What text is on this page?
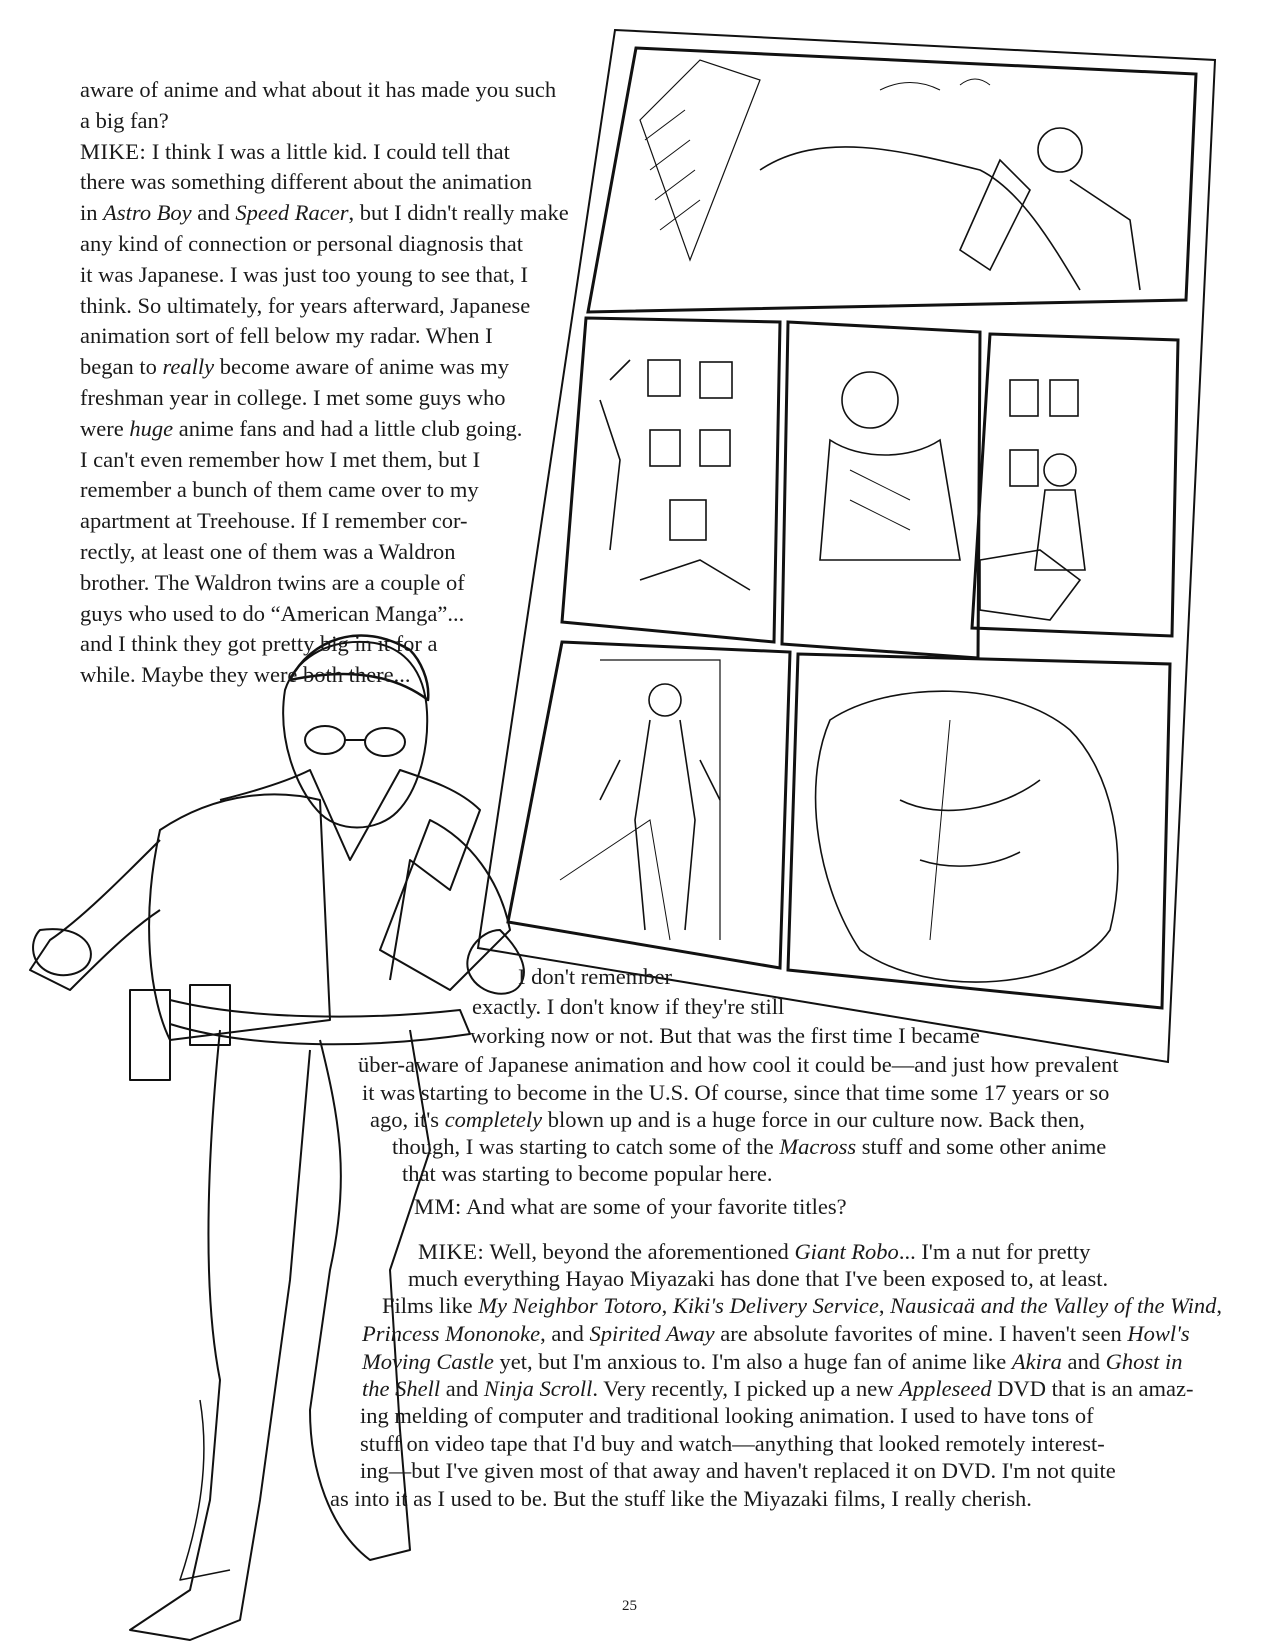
aware of anime and what about it has made you such
a big fan?
MIKE: I think I was a little kid. I could tell that
there was something different about the animation
in Astro Boy and Speed Racer, but I didn't really make
any kind of connection or personal diagnosis that
it was Japanese. I was just too young to see that, I
think. So ultimately, for years afterward, Japanese
animation sort of fell below my radar. When I
began to really become aware of anime was my
freshman year in college. I met some guys who
were huge anime fans and had a little club going.
I can't even remember how I met them, but I
remember a bunch of them came over to my
apartment at Treehouse. If I remember cor-
rectly, at least one of them was a Waldron
brother. The Waldron twins are a couple of
guys who used to do “American Manga”...
and I think they got pretty big in it for a
while. Maybe they were both there...
I don't remember
exactly. I don't know if they're still
working now or not. But that was the first time I became
über-aware of Japanese animation and how cool it could be—and just how prevalent
it was starting to become in the U.S. Of course, since that time some 17 years or so
ago, it's completely blown up and is a huge force in our culture now. Back then,
though, I was starting to catch some of the Macross stuff and some other anime
that was starting to become popular here.
MM: And what are some of your favorite titles?
MIKE: Well, beyond the aforementioned Giant Robo... I'm a nut for pretty
much everything Hayao Miyazaki has done that I've been exposed to, at least.
Films like My Neighbor Totoro, Kiki's Delivery Service, Nausicaä and the Valley of the Wind,
Princess Mononoke, and Spirited Away are absolute favorites of mine. I haven't seen Howl's
Moving Castle yet, but I'm anxious to. I'm also a huge fan of anime like Akira and Ghost in
the Shell and Ninja Scroll. Very recently, I picked up a new Appleseed DVD that is an amaz-
ing melding of computer and traditional looking animation. I used to have tons of
stuff on video tape that I'd buy and watch—anything that looked remotely interest-
ing—but I've given most of that away and haven't replaced it on DVD. I'm not quite
as into it as I used to be. But the stuff like the Miyazaki films, I really cherish.
25
